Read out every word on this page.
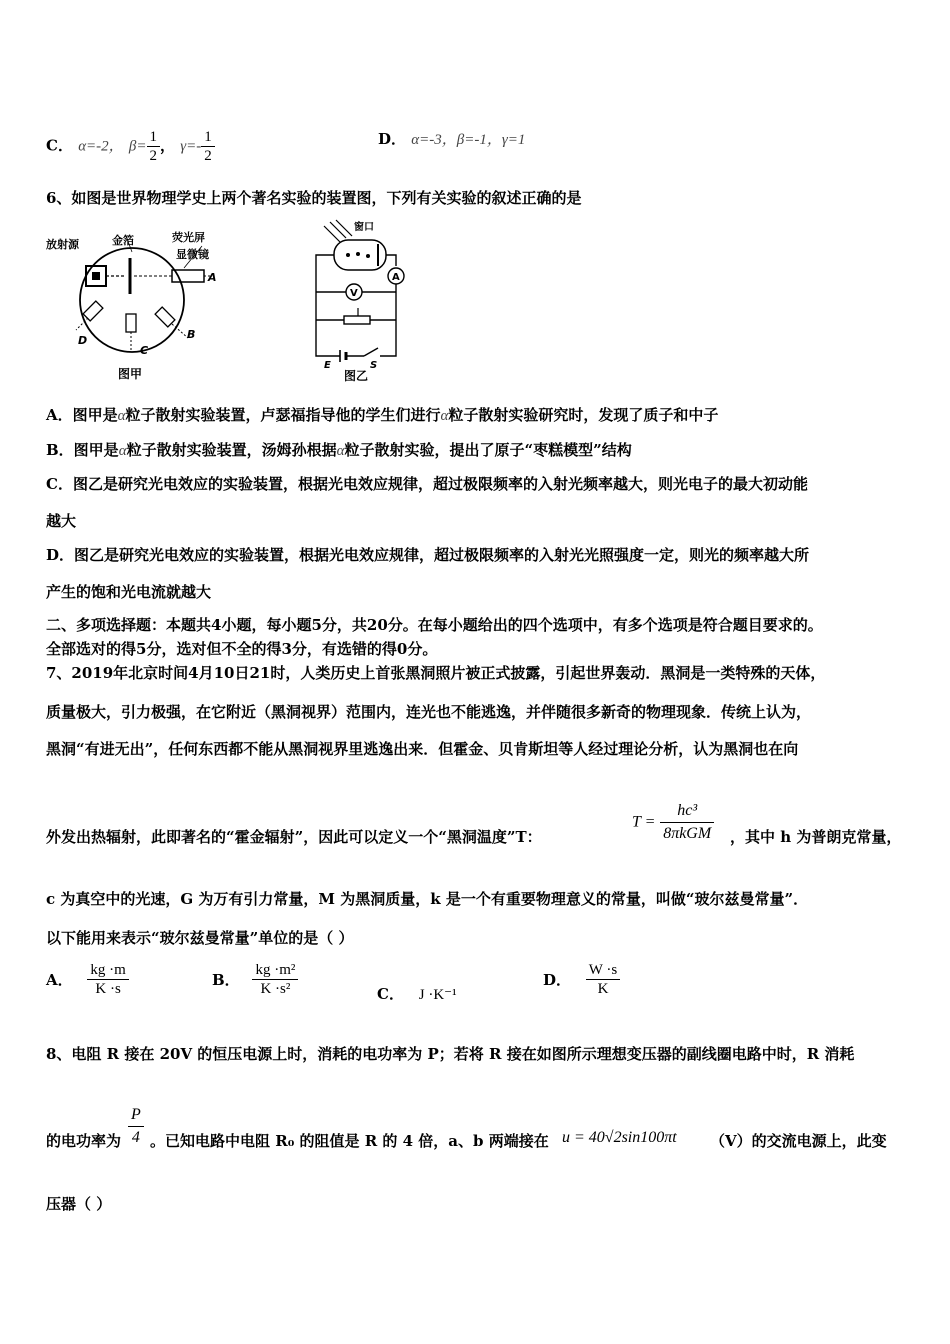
C． α=-2， $\beta= \frac{1}{2}$ ， $\gamma=- \frac{1}{2}$	D． α=-3，β=-1，γ=1
6、如图是世界物理学史上两个著名实验的装置图，下列有关实验的叙述正确的是
放射源	金箔	荧光屏
显微镜
A
B
C
D
图甲
窗口
A
V
E	S
图乙
A．图甲是α粒子散射实验装置，卢瑟福指导他的学生们进行α粒子散射实验研究时，发现了质子和中子
B．图甲是α粒子散射实验装置，汤姆孙根据α粒子散射实验，提出了原子“枣糕模型”结构
C．图乙是研究光电效应的实验装置，根据光电效应规律，超过极限频率的入射光频率越大，则光电子的最大初动能
越大
D．图乙是研究光电效应的实验装置，根据光电效应规律，超过极限频率的入射光光照强度一定，则光的频率越大所
产生的饱和光电流就越大
二、多项选择题：本题共4小题，每小题5分，共20分。在每小题给出的四个选项中，有多个选项是符合题目要求的。
全部选对的得5分，选对但不全的得3分，有选错的得0分。
7、2019年北京时间4月10日21时，人类历史上首张黑洞照片被正式披露，引起世界轰动．黑洞是一类特殊的天体，
质量极大，引力极强，在它附近（黑洞视界）范围内，连光也不能逃逸，并伴随很多新奇的物理现象．传统上认为，
黑洞“有进无出”，任何东西都不能从黑洞视界里逃逸出来．但霍金、贝肯斯坦等人经过理论分析，认为黑洞也在向
外发出热辐射，此即著名的“霍金辐射”，因此可以定义一个“黑洞温度”T：
$T = \frac{\text{hc³}}{\text{8πkGM}}$ ，其中 h 为普朗克常量，
c 为真空中的光速，G 为万有引力常量，M 为黑洞质量，k 是一个有重要物理意义的常量，叫做“玻尔兹曼常量”．
以下能用来表示“玻尔兹曼常量”单位的是（ ）
A． $\frac{kg \cdot m}{K \cdot s}$	B． $\frac{\text{kg ·m²}}{\text{K ·s²}}$	C． J ·K⁻¹
D． $\frac{W \cdot s}{K}$
8、电阻 R 接在 20V 的恒压电源上时，消耗的电功率为 P；若将 R 接在如图所示理想变压器的副线圈电路中时，R 消耗
的电功率为 $\frac{P}{4}$ 。已知电路中电阻 R₀ 的阻值是 R 的 4 倍，a、b 两端接在 u = 40√2sin100πt （V）的交流电源上，此变
压器（ ）
